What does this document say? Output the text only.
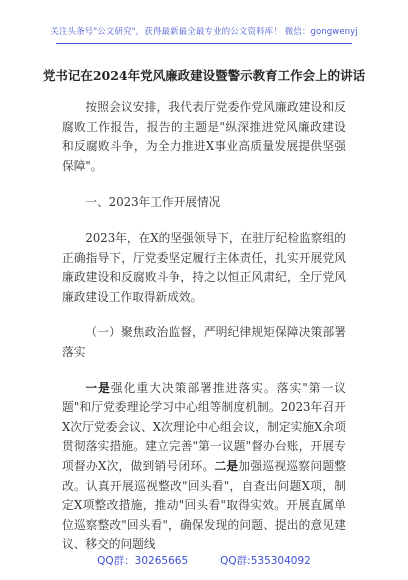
关注头条号"公文研究"，获得最新最全最专业的公文资料库！ 微信：gongwenyj
党书记在2024年党风廉政建设暨警示教育工作会上的讲话

按照会议安排，我代表厅党委作党风廉政建设和反腐败工作报告，报告的主题是"纵深推进党风廉政建设和反腐败斗争，为全力推进X事业高质量发展提供坚强保障"。

一、2023年工作开展情况

2023年，在X的坚强领导下，在驻厅纪检监察组的正确指导下，厅党委坚定履行主体责任，扎实开展党风廉政建设和反腐败斗争，持之以恒正风肃纪，全厅党风廉政建设工作取得新成效。

（一）聚焦政治监督，严明纪律规矩保障决策部署落实

一是强化重大决策部署推进落实。落实"第一议题"和厅党委理论学习中心组等制度机制。2023年召开X次厅党委会议、X次理论中心组会议，制定实施X余项贯彻落实措施。建立完善"第一议题"督办台账，开展专项督办X次，做到销号闭环。二是加强巡视巡察问题整改。认真开展巡视整改"回头看"，自查出问题X项，制定X项整改措施，推动"回头看"取得实效。开展直属单位巡察整改"回头看"，确保发现的问题、提出的意见建议、移交的问题线

QQ群：30265665	QQ群:535304092
